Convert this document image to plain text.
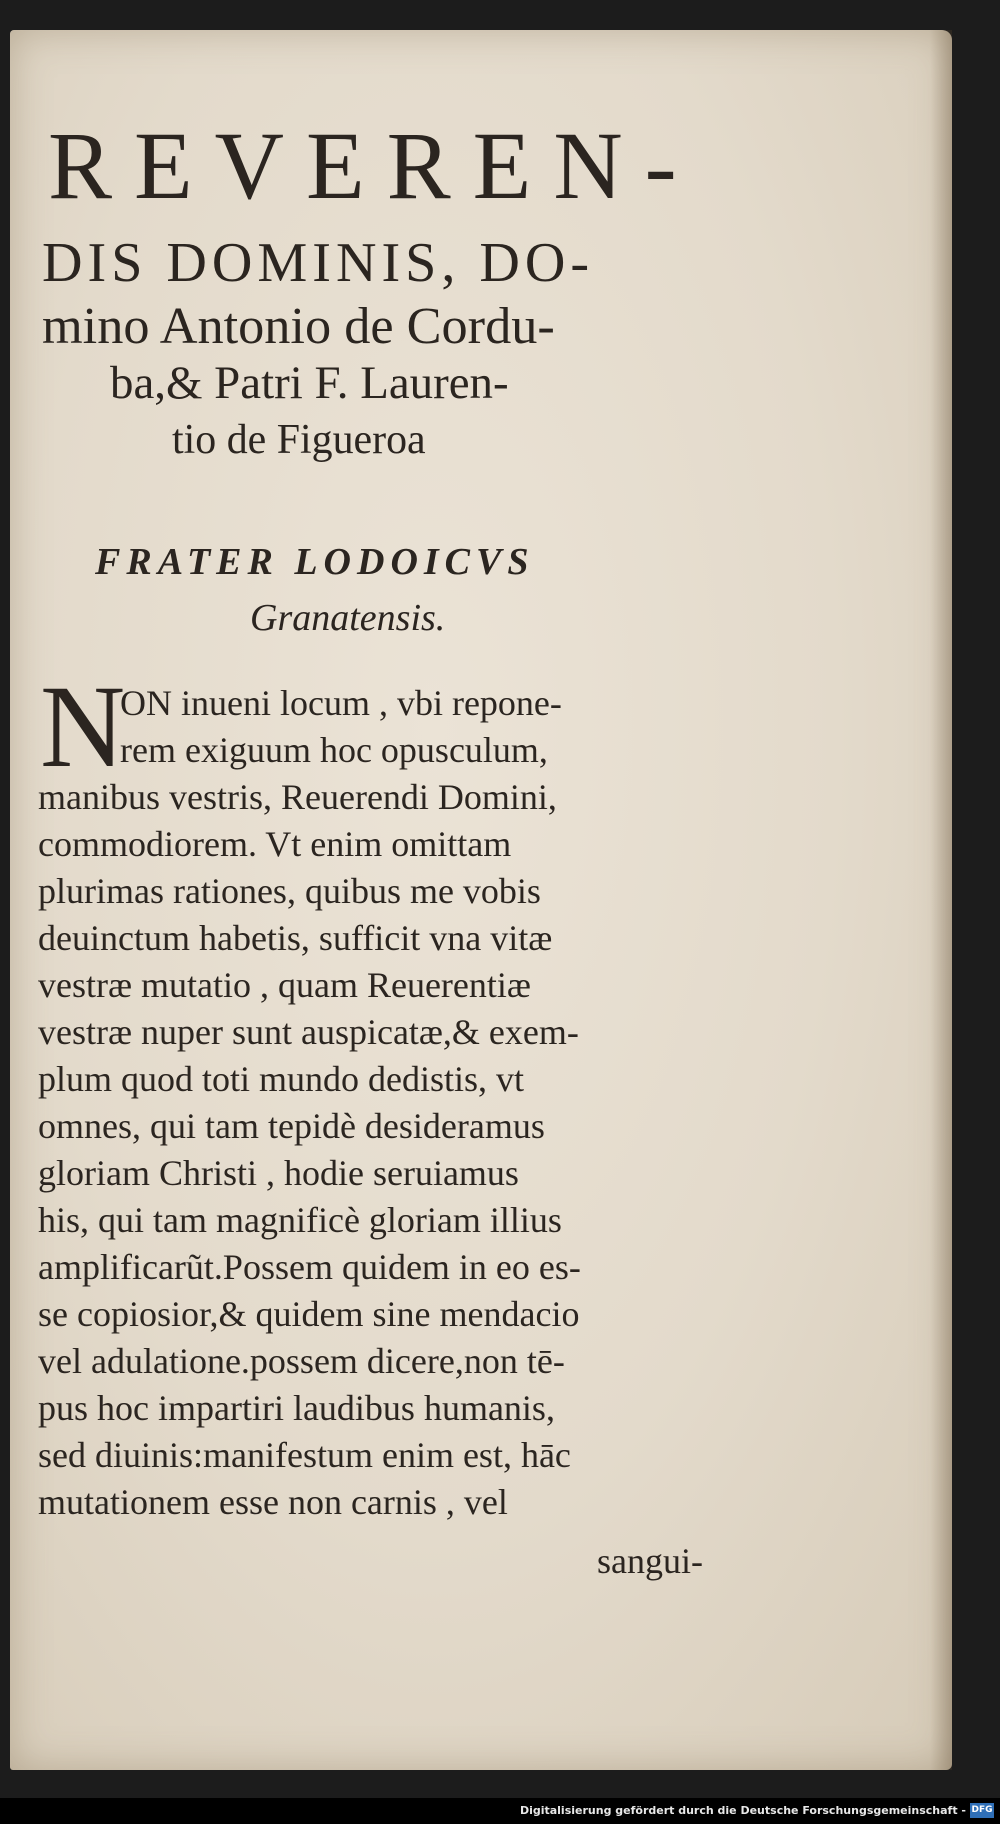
REVEREN-
DIS DOMINIS, DO-
mino Antonio de Cordu-
ba,& Patri F. Lauren-
tio de Figueroa
FRATER LODOICVS
Granatensis.
N
ON inueni locum , vbi repone-
rem exiguum hoc opusculum,
manibus vestris, Reuerendi Domini,
commodiorem. Vt enim omittam
plurimas rationes, quibus me vobis
deuinctum habetis, sufficit vna vitæ
vestræ mutatio , quam Reuerentiæ
vestræ nuper sunt auspicatæ,& exem-
plum quod toti mundo dedistis, vt
omnes, qui tam tepidè desideramus
gloriam Christi , hodie seruiamus
his, qui tam magnificè gloriam illius
amplificarũt.Possem quidem in eo es-
se copiosior,& quidem sine mendacio
vel adulatione.possem dicere,non tē-
pus hoc impartiri laudibus humanis,
sed diuinis:manifestum enim est, hāc
mutationem esse non carnis , vel
sangui-
Digitalisierung gefördert durch die Deutsche Forschungsgemeinschaft - DFG
